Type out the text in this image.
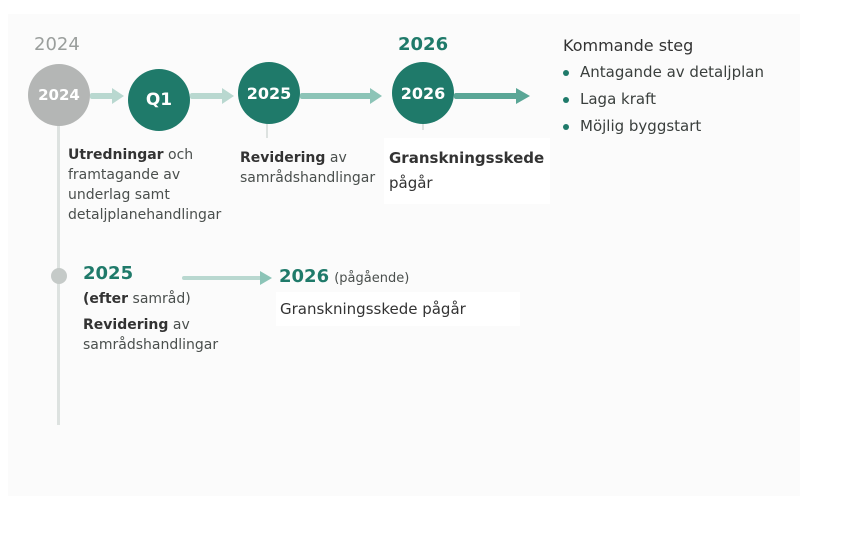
2024	2026
2024	Q1	2025	2026
Utredningar och
framtagande av
underlag samt
detaljplanehandlingar
Revidering av
samrådshandlingar
Granskningsskede
pågår
Kommande steg
Antagande av detaljplan
Laga kraft
Möjlig byggstart
2025
(efter samråd)
Revidering av
samrådshandlingar
2026 (pågående)
Granskningsskede pågår
